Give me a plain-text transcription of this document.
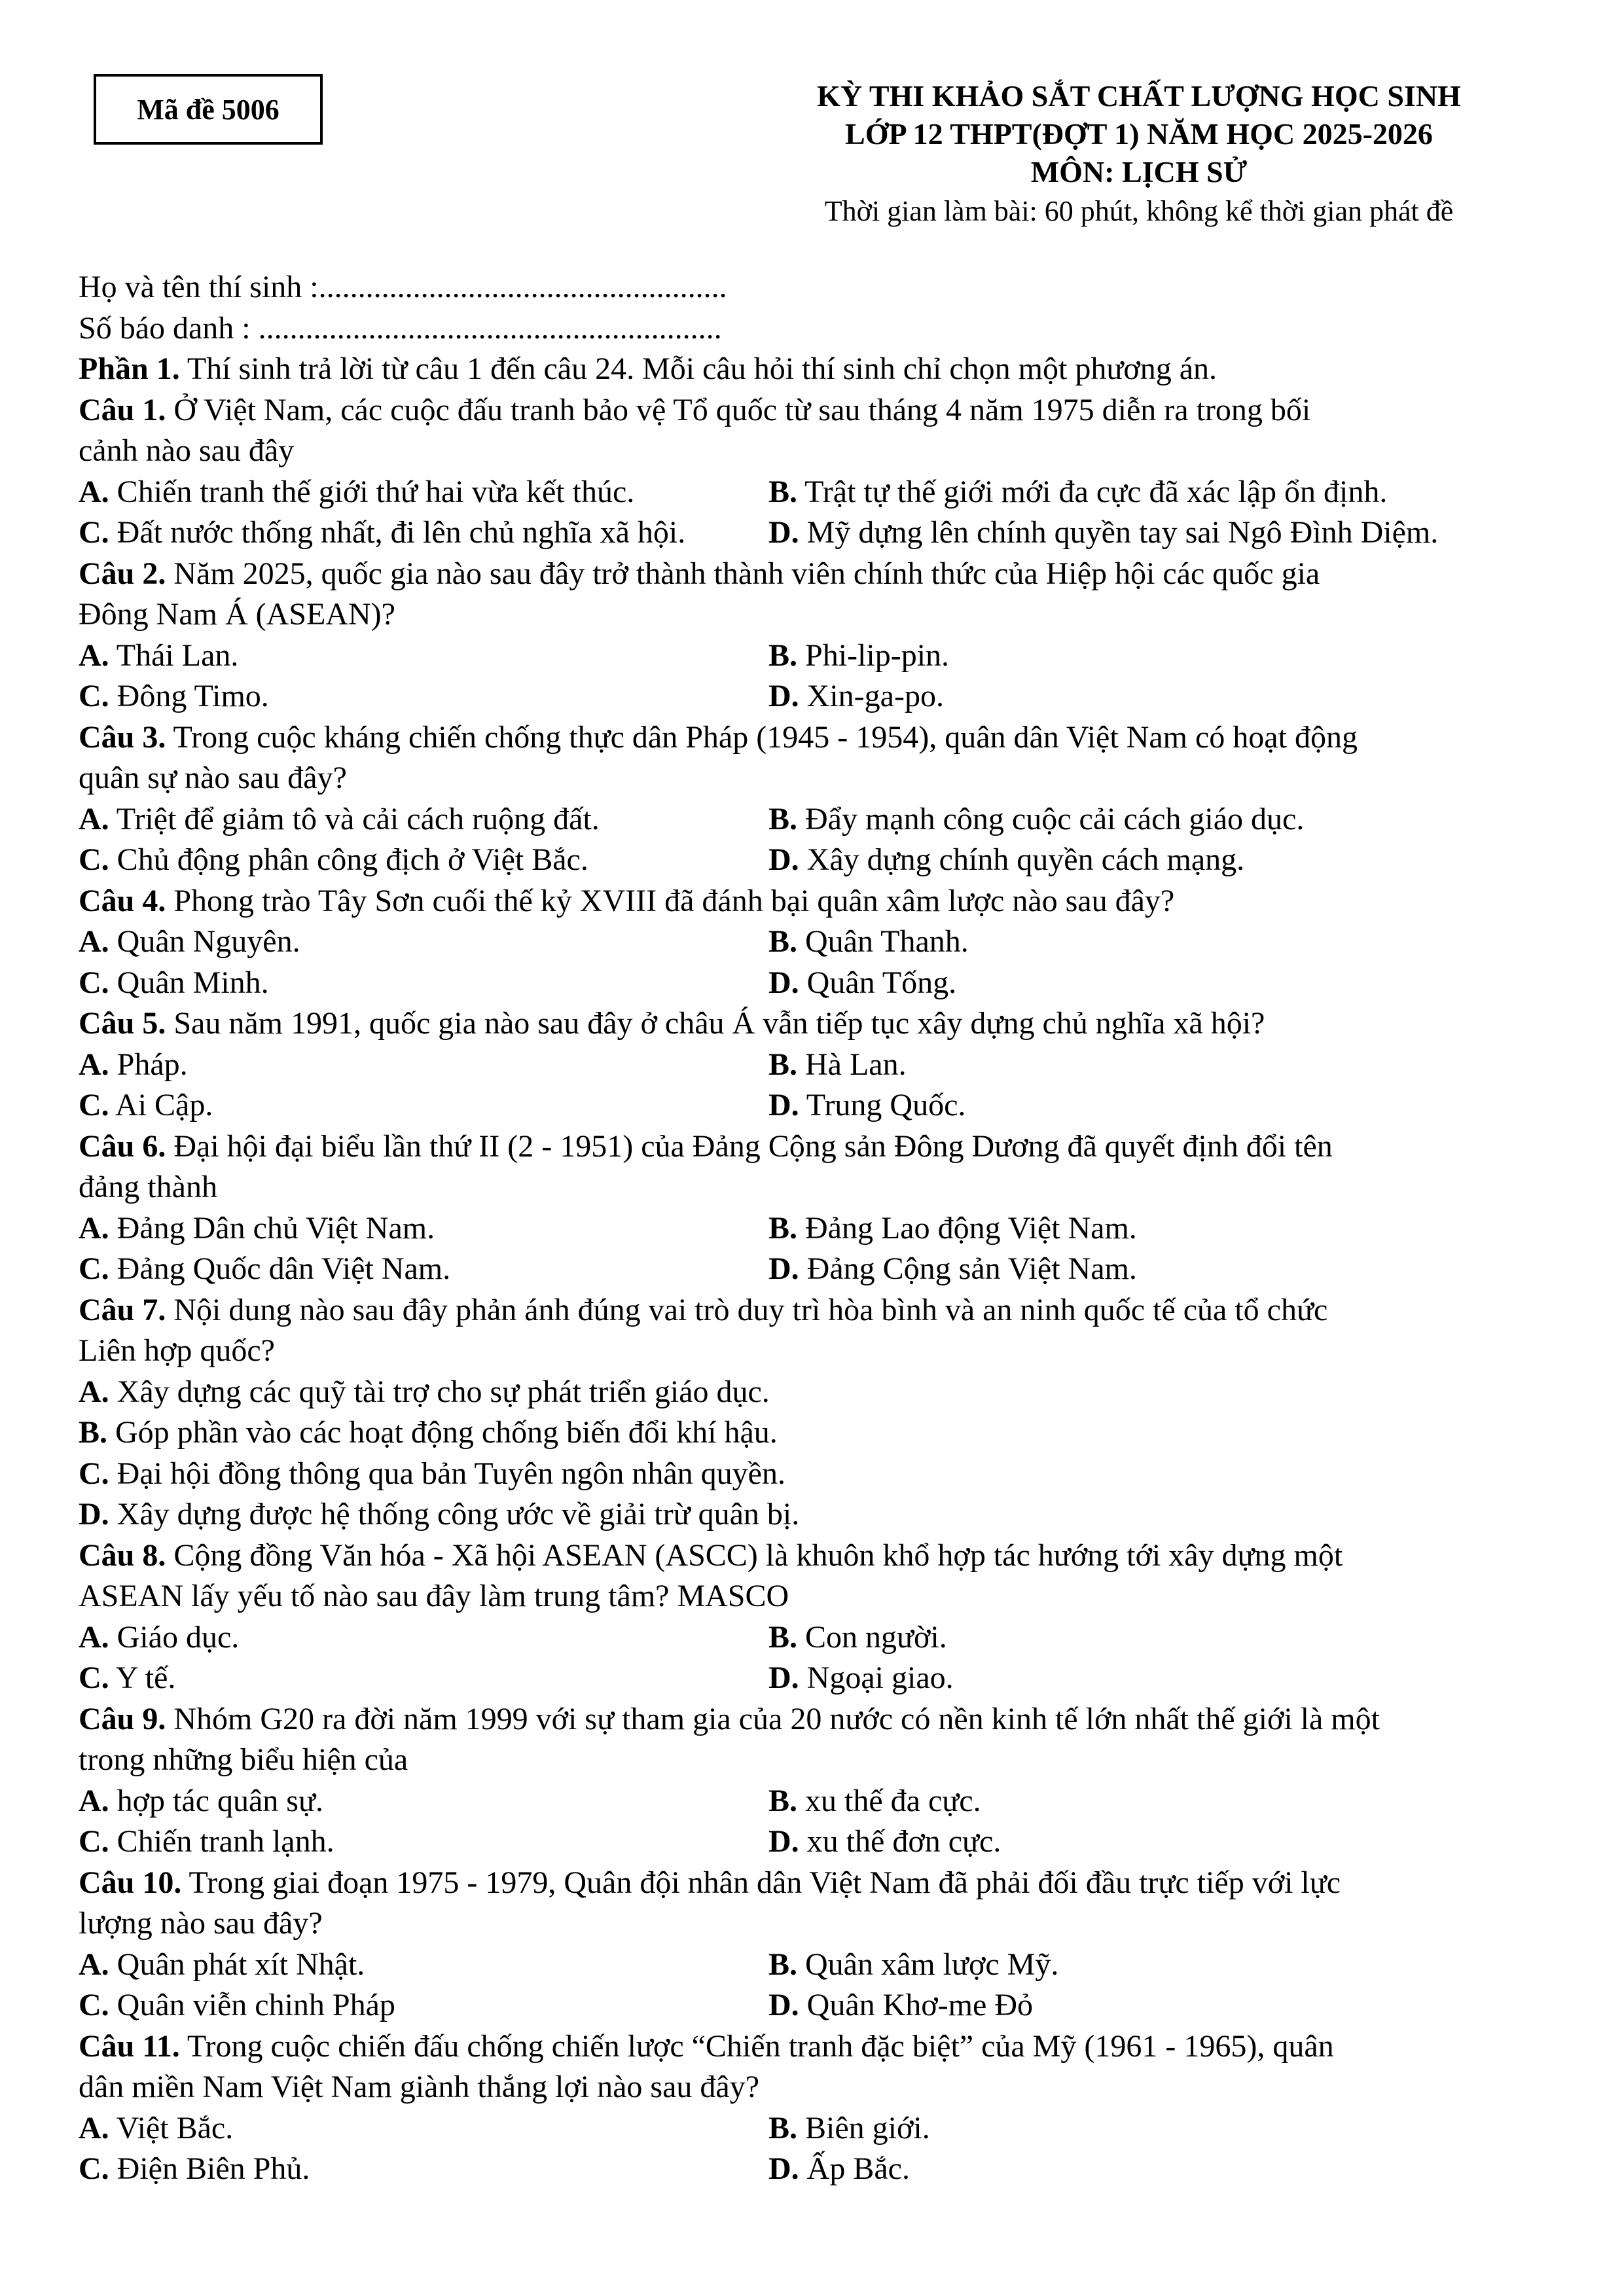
Mã đề 5006	KỲ THI KHẢO SẮT CHẤT LƯỢNG HỌC SINH
LỚP 12 THPT(ĐỢT 1) NĂM HỌC 2025-2026
MÔN: LỊCH SỬ
Thời gian làm bài: 60 phút, không kể thời gian phát đề
Họ và tên thí sinh :....................................................
Số báo danh : ...........................................................
Phần 1. Thí sinh trả lời từ câu 1 đến câu 24. Mỗi câu hỏi thí sinh chỉ chọn một phương án.
Câu 1. Ở Việt Nam, các cuộc đấu tranh bảo vệ Tổ quốc từ sau tháng 4 năm 1975 diễn ra trong bối
cảnh nào sau đây
A. Chiến tranh thế giới thứ hai vừa kết thúc.	B. Trật tự thế giới mới đa cực đã xác lập ổn định.
C. Đất nước thống nhất, đi lên chủ nghĩa xã hội.	D. Mỹ dựng lên chính quyền tay sai Ngô Đình Diệm.
Câu 2. Năm 2025, quốc gia nào sau đây trở thành thành viên chính thức của Hiệp hội các quốc gia
Đông Nam Á (ASEAN)?
A. Thái Lan.	B. Phi-lip-pin.
C. Đông Timo.	D. Xin-ga-po.
Câu 3. Trong cuộc kháng chiến chống thực dân Pháp (1945 - 1954), quân dân Việt Nam có hoạt động
quân sự nào sau đây?
A. Triệt để giảm tô và cải cách ruộng đất.	B. Đẩy mạnh công cuộc cải cách giáo dục.
C. Chủ động phân công địch ở Việt Bắc.	D. Xây dựng chính quyền cách mạng.
Câu 4. Phong trào Tây Sơn cuối thế kỷ XVIII đã đánh bại quân xâm lược nào sau đây?
A. Quân Nguyên.	B. Quân Thanh.
C. Quân Minh.	D. Quân Tống.
Câu 5. Sau năm 1991, quốc gia nào sau đây ở châu Á vẫn tiếp tục xây dựng chủ nghĩa xã hội?
A. Pháp.	B. Hà Lan.
C. Ai Cập.	D. Trung Quốc.
Câu 6. Đại hội đại biểu lần thứ II (2 - 1951) của Đảng Cộng sản Đông Dương đã quyết định đổi tên
đảng thành
A. Đảng Dân chủ Việt Nam.	B. Đảng Lao động Việt Nam.
C. Đảng Quốc dân Việt Nam.	D. Đảng Cộng sản Việt Nam.
Câu 7. Nội dung nào sau đây phản ánh đúng vai trò duy trì hòa bình và an ninh quốc tế của tổ chức
Liên hợp quốc?
A. Xây dựng các quỹ tài trợ cho sự phát triển giáo dục.
B. Góp phần vào các hoạt động chống biến đổi khí hậu.
C. Đại hội đồng thông qua bản Tuyên ngôn nhân quyền.
D. Xây dựng được hệ thống công ước về giải trừ quân bị.
Câu 8. Cộng đồng Văn hóa - Xã hội ASEAN (ASCC) là khuôn khổ hợp tác hướng tới xây dựng một
ASEAN lấy yếu tố nào sau đây làm trung tâm? MASCO
A. Giáo dục.	B. Con người.
C. Y tế.	D. Ngoại giao.
Câu 9. Nhóm G20 ra đời năm 1999 với sự tham gia của 20 nước có nền kinh tế lớn nhất thế giới là một
trong những biểu hiện của
A. hợp tác quân sự.	B. xu thế đa cực.
C. Chiến tranh lạnh.	D. xu thế đơn cực.
Câu 10. Trong giai đoạn 1975 - 1979, Quân đội nhân dân Việt Nam đã phải đối đầu trực tiếp với lực
lượng nào sau đây?
A. Quân phát xít Nhật.	B. Quân xâm lược Mỹ.
C. Quân viễn chinh Pháp	D. Quân Khơ-me Đỏ
Câu 11. Trong cuộc chiến đấu chống chiến lược “Chiến tranh đặc biệt” của Mỹ (1961 - 1965), quân
dân miền Nam Việt Nam giành thắng lợi nào sau đây?
A. Việt Bắc.	B. Biên giới.
C. Điện Biên Phủ.	D. Ấp Bắc.
